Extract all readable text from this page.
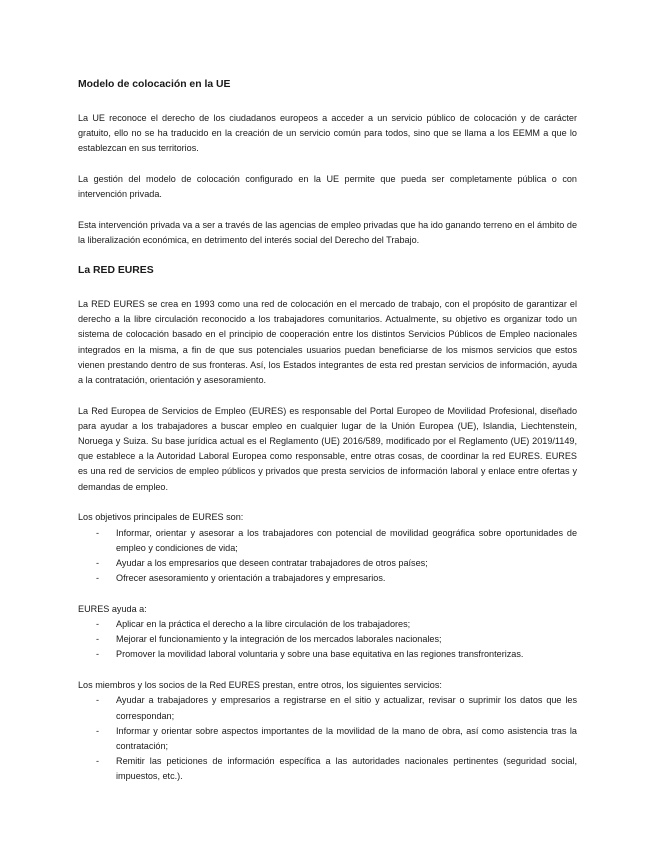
Modelo de colocación en la UE

La UE reconoce el derecho de los ciudadanos europeos a acceder a un servicio público de colocación y de carácter gratuito, ello no se ha traducido en la creación de un servicio común para todos, sino que se llama a los EEMM a que lo establezcan en sus territorios.

La gestión del modelo de colocación configurado en la UE permite que pueda ser completamente pública o con intervención privada.

Esta intervención privada va a ser a través de las agencias de empleo privadas que ha ido ganando terreno en el ámbito de la liberalización económica, en detrimento del interés social del Derecho del Trabajo.

La RED EURES

La RED EURES se crea en 1993 como una red de colocación en el mercado de trabajo, con el propósito de garantizar el derecho a la libre circulación reconocido a los trabajadores comunitarios. Actualmente, su objetivo es organizar todo un sistema de colocación basado en el principio de cooperación entre los distintos Servicios Públicos de Empleo nacionales integrados en la misma, a fin de que sus potenciales usuarios puedan beneficiarse de los mismos servicios que estos vienen prestando dentro de sus fronteras. Así, los Estados integrantes de esta red prestan servicios de información, ayuda a la contratación, orientación y asesoramiento.

La Red Europea de Servicios de Empleo (EURES) es responsable del Portal Europeo de Movilidad Profesional, diseñado para ayudar a los trabajadores a buscar empleo en cualquier lugar de la Unión Europea (UE), Islandia, Liechtenstein, Noruega y Suiza. Su base jurídica actual es el Reglamento (UE) 2016/589, modificado por el Reglamento (UE) 2019/1149, que establece a la Autoridad Laboral Europea como responsable, entre otras cosas, de coordinar la red EURES. EURES es una red de servicios de empleo públicos y privados que presta servicios de información laboral y enlace entre ofertas y demandas de empleo.

Los objetivos principales de EURES son:

- Informar, orientar y asesorar a los trabajadores con potencial de movilidad geográfica sobre oportunidades de empleo y condiciones de vida;
- Ayudar a los empresarios que deseen contratar trabajadores de otros países;
- Ofrecer asesoramiento y orientación a trabajadores y empresarios.

EURES ayuda a:

- Aplicar en la práctica el derecho a la libre circulación de los trabajadores;
- Mejorar el funcionamiento y la integración de los mercados laborales nacionales;
- Promover la movilidad laboral voluntaria y sobre una base equitativa en las regiones transfronterizas.

Los miembros y los socios de la Red EURES prestan, entre otros, los siguientes servicios:

- Ayudar a trabajadores y empresarios a registrarse en el sitio y actualizar, revisar o suprimir los datos que les correspondan;
- Informar y orientar sobre aspectos importantes de la movilidad de la mano de obra, así como asistencia tras la contratación;
- Remitir las peticiones de información específica a las autoridades nacionales pertinentes (seguridad social, impuestos, etc.).
